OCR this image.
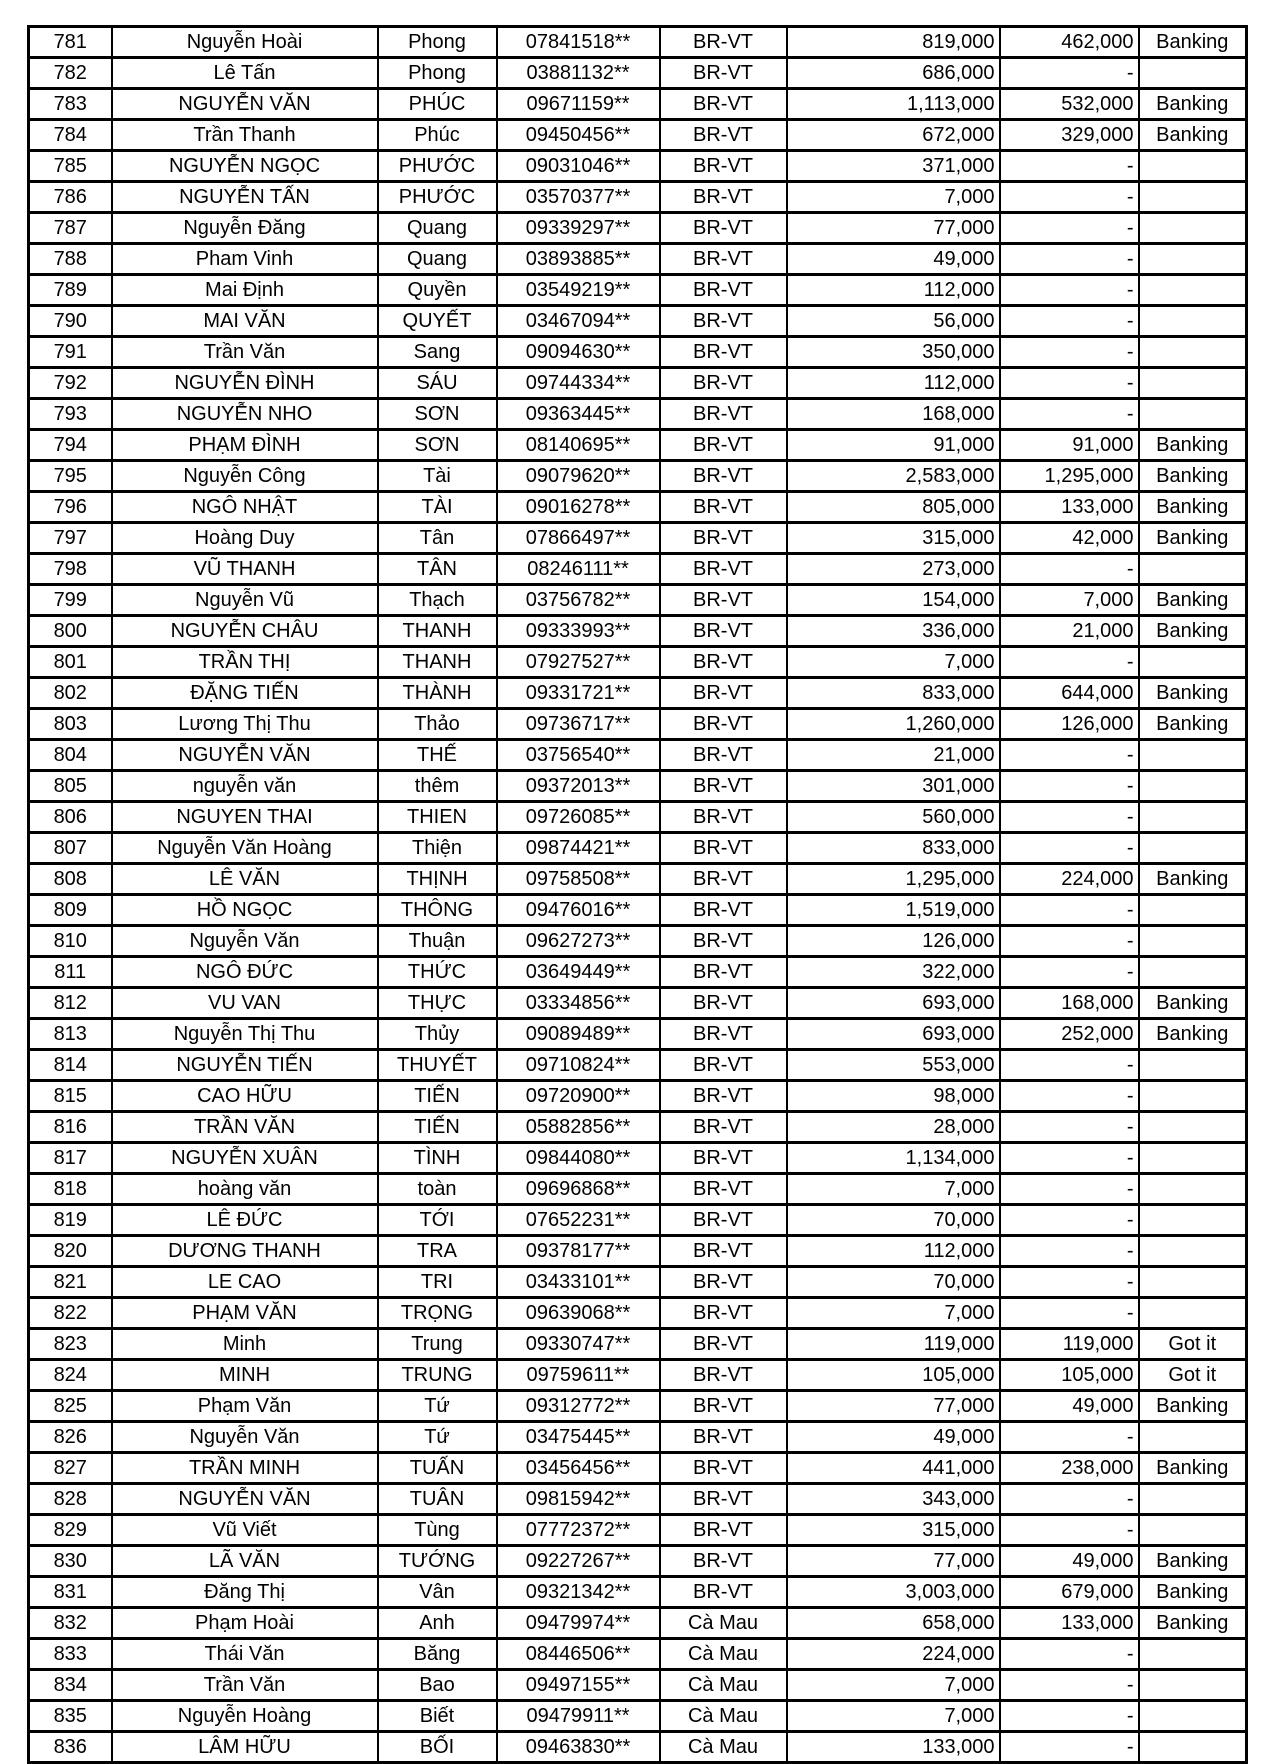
781	Nguyễn Hoài	Phong	07841518**	BR-VT	819,000	462,000	Banking
782	Lê Tấn	Phong	03881132**	BR-VT	686,000	-	
783	NGUYỄN VĂN	PHÚC	09671159**	BR-VT	1,113,000	532,000	Banking
784	Trần Thanh	Phúc	09450456**	BR-VT	672,000	329,000	Banking
785	NGUYỄN NGỌC	PHƯỚC	09031046**	BR-VT	371,000	-	
786	NGUYỄN TẤN	PHƯỚC	03570377**	BR-VT	7,000	-	
787	Nguyễn Đăng	Quang	09339297**	BR-VT	77,000	-	
788	Pham Vinh	Quang	03893885**	BR-VT	49,000	-	
789	Mai Định	Quyền	03549219**	BR-VT	112,000	-	
790	MAI VĂN	QUYẾT	03467094**	BR-VT	56,000	-	
791	Trần Văn	Sang	09094630**	BR-VT	350,000	-	
792	NGUYỄN ĐÌNH	SÁU	09744334**	BR-VT	112,000	-	
793	NGUYỄN NHO	SƠN	09363445**	BR-VT	168,000	-	
794	PHẠM ĐÌNH	SƠN	08140695**	BR-VT	91,000	91,000	Banking
795	Nguyễn Công	Tài	09079620**	BR-VT	2,583,000	1,295,000	Banking
796	NGÔ NHẬT	TÀI	09016278**	BR-VT	805,000	133,000	Banking
797	Hoàng Duy	Tân	07866497**	BR-VT	315,000	42,000	Banking
798	VŨ THANH	TÂN	08246111**	BR-VT	273,000	-	
799	Nguyễn Vũ	Thạch	03756782**	BR-VT	154,000	7,000	Banking
800	NGUYỄN CHÂU	THANH	09333993**	BR-VT	336,000	21,000	Banking
801	TRẦN THỊ	THANH	07927527**	BR-VT	7,000	-	
802	ĐẶNG TIẾN	THÀNH	09331721**	BR-VT	833,000	644,000	Banking
803	Lương Thị Thu	Thảo	09736717**	BR-VT	1,260,000	126,000	Banking
804	NGUYỄN VĂN	THẾ	03756540**	BR-VT	21,000	-	
805	nguyễn văn	thêm	09372013**	BR-VT	301,000	-	
806	NGUYEN THAI	THIEN	09726085**	BR-VT	560,000	-	
807	Nguyễn Văn Hoàng	Thiện	09874421**	BR-VT	833,000	-	
808	LÊ VĂN	THỊNH	09758508**	BR-VT	1,295,000	224,000	Banking
809	HỒ NGỌC	THÔNG	09476016**	BR-VT	1,519,000	-	
810	Nguyễn Văn	Thuận	09627273**	BR-VT	126,000	-	
811	NGÔ ĐỨC	THỨC	03649449**	BR-VT	322,000	-	
812	VU VAN	THỰC	03334856**	BR-VT	693,000	168,000	Banking
813	Nguyễn Thị Thu	Thủy	09089489**	BR-VT	693,000	252,000	Banking
814	NGUYỄN TIẾN	THUYẾT	09710824**	BR-VT	553,000	-	
815	CAO HỮU	TIẾN	09720900**	BR-VT	98,000	-	
816	TRẦN VĂN	TIẾN	05882856**	BR-VT	28,000	-	
817	NGUYỄN XUÂN	TÌNH	09844080**	BR-VT	1,134,000	-	
818	hoàng văn	toàn	09696868**	BR-VT	7,000	-	
819	LÊ ĐỨC	TỚI	07652231**	BR-VT	70,000	-	
820	DƯƠNG THANH	TRA	09378177**	BR-VT	112,000	-	
821	LE CAO	TRI	03433101**	BR-VT	70,000	-	
822	PHẠM VĂN	TRỌNG	09639068**	BR-VT	7,000	-	
823	Minh	Trung	09330747**	BR-VT	119,000	119,000	Got it
824	MINH	TRUNG	09759611**	BR-VT	105,000	105,000	Got it
825	Phạm Văn	Tứ	09312772**	BR-VT	77,000	49,000	Banking
826	Nguyễn Văn	Tứ	03475445**	BR-VT	49,000	-	
827	TRẦN MINH	TUẤN	03456456**	BR-VT	441,000	238,000	Banking
828	NGUYỄN VĂN	TUÂN	09815942**	BR-VT	343,000	-	
829	Vũ Viết	Tùng	07772372**	BR-VT	315,000	-	
830	LÃ VĂN	TƯỚNG	09227267**	BR-VT	77,000	49,000	Banking
831	Đăng Thị	Vân	09321342**	BR-VT	3,003,000	679,000	Banking
832	Phạm Hoài	Anh	09479974**	Cà Mau	658,000	133,000	Banking
833	Thái Văn	Băng	08446506**	Cà Mau	224,000	-	
834	Trần Văn	Bao	09497155**	Cà Mau	7,000	-	
835	Nguyễn Hoàng	Biết	09479911**	Cà Mau	7,000	-	
836	LÂM HỮU	BỐI	09463830**	Cà Mau	133,000	-	
